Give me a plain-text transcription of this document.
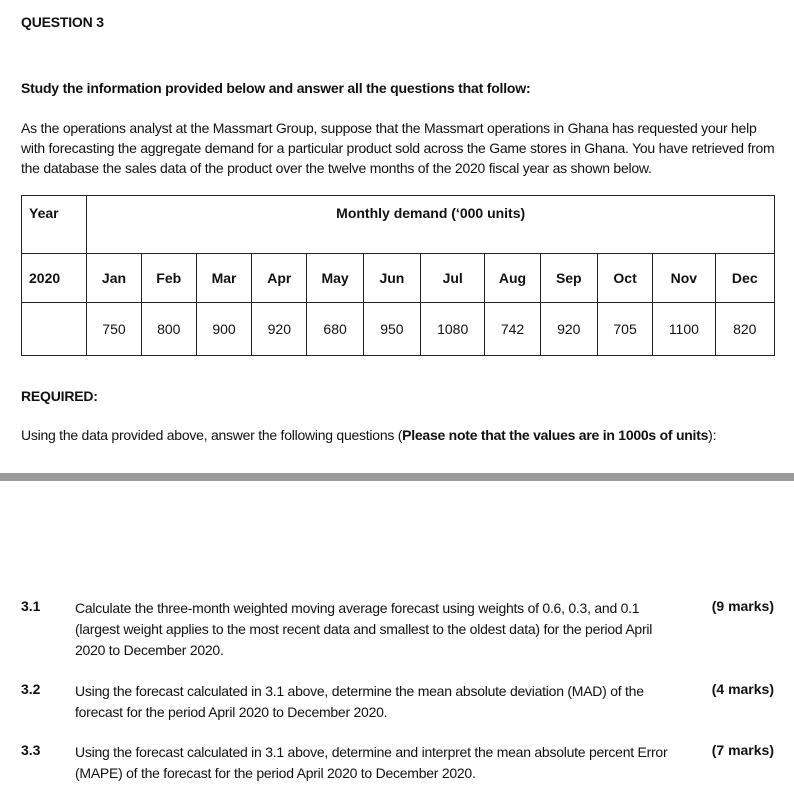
QUESTION 3
Study the information provided below and answer all the questions that follow:
As the operations analyst at the Massmart Group, suppose that the Massmart operations in Ghana has requested your help with forecasting the aggregate demand for a particular product sold across the Game stores in Ghana. You have retrieved from the database the sales data of the product over the twelve months of the 2020 fiscal year as shown below.
Year	Monthly demand (‘000 units)											
2020	Jan	Feb	Mar	Apr	May	Jun	Jul	Aug	Sep	Oct	Nov	Dec
	750	800	900	920	680	950	1080	742	920	705	1100	820
REQUIRED:
Using the data provided above, answer the following questions (Please note that the values are in 1000s of units):
3.1 Calculate the three-month weighted moving average forecast using weights of 0.6, 0.3, and 0.1 (largest weight applies to the most recent data and smallest to the oldest data) for the period April 2020 to December 2020.
(9 marks)
3.2 Using the forecast calculated in 3.1 above, determine the mean absolute deviation (MAD) of the forecast for the period April 2020 to December 2020.
(4 marks)
3.3 Using the forecast calculated in 3.1 above, determine and interpret the mean absolute percent Error (MAPE) of the forecast for the period April 2020 to December 2020.
(7 marks)
